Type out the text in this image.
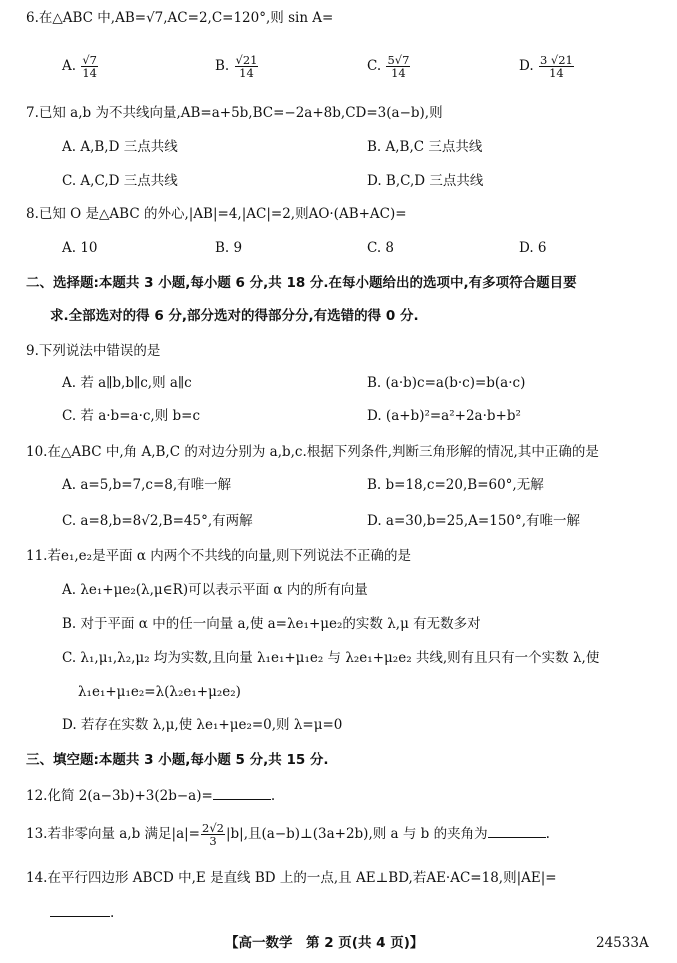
6.在△ABC 中,AB=√7,AC=2,C=120°,则 sin A=
A. $\frac{√7}{14}$	B. $\frac{√21}{14}$	C. $\frac{5√7}{14}$	D. $\frac{3 √21}{14}$
7.已知 a,b 为不共线向量,AB=a+5b,BC=−2a+8b,CD=3(a−b),则
A. A,B,D 三点共线	B. A,B,C 三点共线
C. A,C,D 三点共线	D. B,C,D 三点共线
8.已知 O 是△ABC 的外心,|AB|=4,|AC|=2,则AO·(AB+AC)=
A. 10	B. 9	C. 8	D. 6
二、选择题:本题共 3 小题,每小题 6 分,共 18 分.在每小题给出的选项中,有多项符合题目要
求.全部选对的得 6 分,部分选对的得部分分,有选错的得 0 分.
9.下列说法中错误的是
A. 若 a∥b,b∥c,则 a∥c	B. (a·b)c=a(b·c)=b(a·c)
C. 若 a·b=a·c,则 b=c	D. (a+b)²=a²+2a·b+b²
10.在△ABC 中,角 A,B,C 的对边分别为 a,b,c.根据下列条件,判断三角形解的情况,其中正确的是
A. a=5,b=7,c=8,有唯一解	B. b=18,c=20,B=60°,无解
C. a=8,b=8√2,B=45°,有两解	D. a=30,b=25,A=150°,有唯一解
11.若e₁,e₂是平面 α 内两个不共线的向量,则下列说法不正确的是
A. λe₁+μe₂(λ,μ∈R)可以表示平面 α 内的所有向量
B. 对于平面 α 中的任一向量 a,使 a=λe₁+μe₂的实数 λ,μ 有无数多对
C. λ₁,μ₁,λ₂,μ₂ 均为实数,且向量 λ₁e₁+μ₁e₂ 与 λ₂e₁+μ₂e₂ 共线,则有且只有一个实数 λ,使
λ₁e₁+μ₁e₂=λ(λ₂e₁+μ₂e₂)
D. 若存在实数 λ,μ,使 λe₁+μe₂=0,则 λ=μ=0
三、填空题:本题共 3 小题,每小题 5 分,共 15 分.
12.化简 2(a−3b)+3(2b−a)=	.
13.若非零向量 a,b 满足$|a|= \frac{2√2}{3} |b|$,且(a−b)⊥(3a+2b),则 a 与 b 的夹角为	.
14.在平行四边形 ABCD 中,E 是直线 BD 上的一点,且 AE⊥BD,若AE·AC=18,则|AE|=
.
【高一数学　第 2 页(共 4 页)】	24533A
